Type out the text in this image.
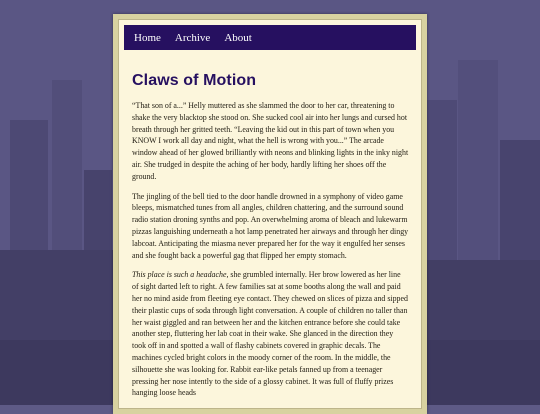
Home Archive About
Claws of Motion

“That son of a...” Helly muttered as she slammed the door to her car, threatening to shake the very blacktop she stood on. She sucked cool air into her lungs and cursed hot breath through her gritted teeth. “Leaving the kid out in this part of town when you KNOW I work all day and night, what the hell is wrong with you...” The arcade window ahead of her glowed brilliantly with neons and blinking lights in the inky night air. She trudged in despite the aching of her body, hardly lifting her shoes off the ground.

The jingling of the bell tied to the door handle drowned in a symphony of video game bleeps, mismatched tunes from all angles, children chattering, and the surround sound radio station droning synths and pop. An overwhelming aroma of bleach and lukewarm pizzas languishing underneath a hot lamp penetrated her airways and through her dingy labcoat. Anticipating the miasma never prepared her for the way it engulfed her senses and she fought back a powerful gag that flipped her empty stomach.

This place is such a headache, she grumbled internally. Her brow lowered as her line of sight darted left to right. A few families sat at some booths along the wall and paid her no mind aside from fleeting eye contact. They chewed on slices of pizza and sipped their plastic cups of soda through light conversation. A couple of children no taller than her waist giggled and ran between her and the kitchen entrance before she could take another step, fluttering her lab coat in their wake. She glanced in the direction they took off in and spotted a wall of flashy cabinets covered in graphic decals. The machines cycled bright colors in the moody corner of the room. In the middle, the silhouette she was looking for. Rabbit ear-like petals fanned up from a teenager pressing her nose intently to the side of a glossy cabinet. It was full of fluffy prizes hanging loose heads
